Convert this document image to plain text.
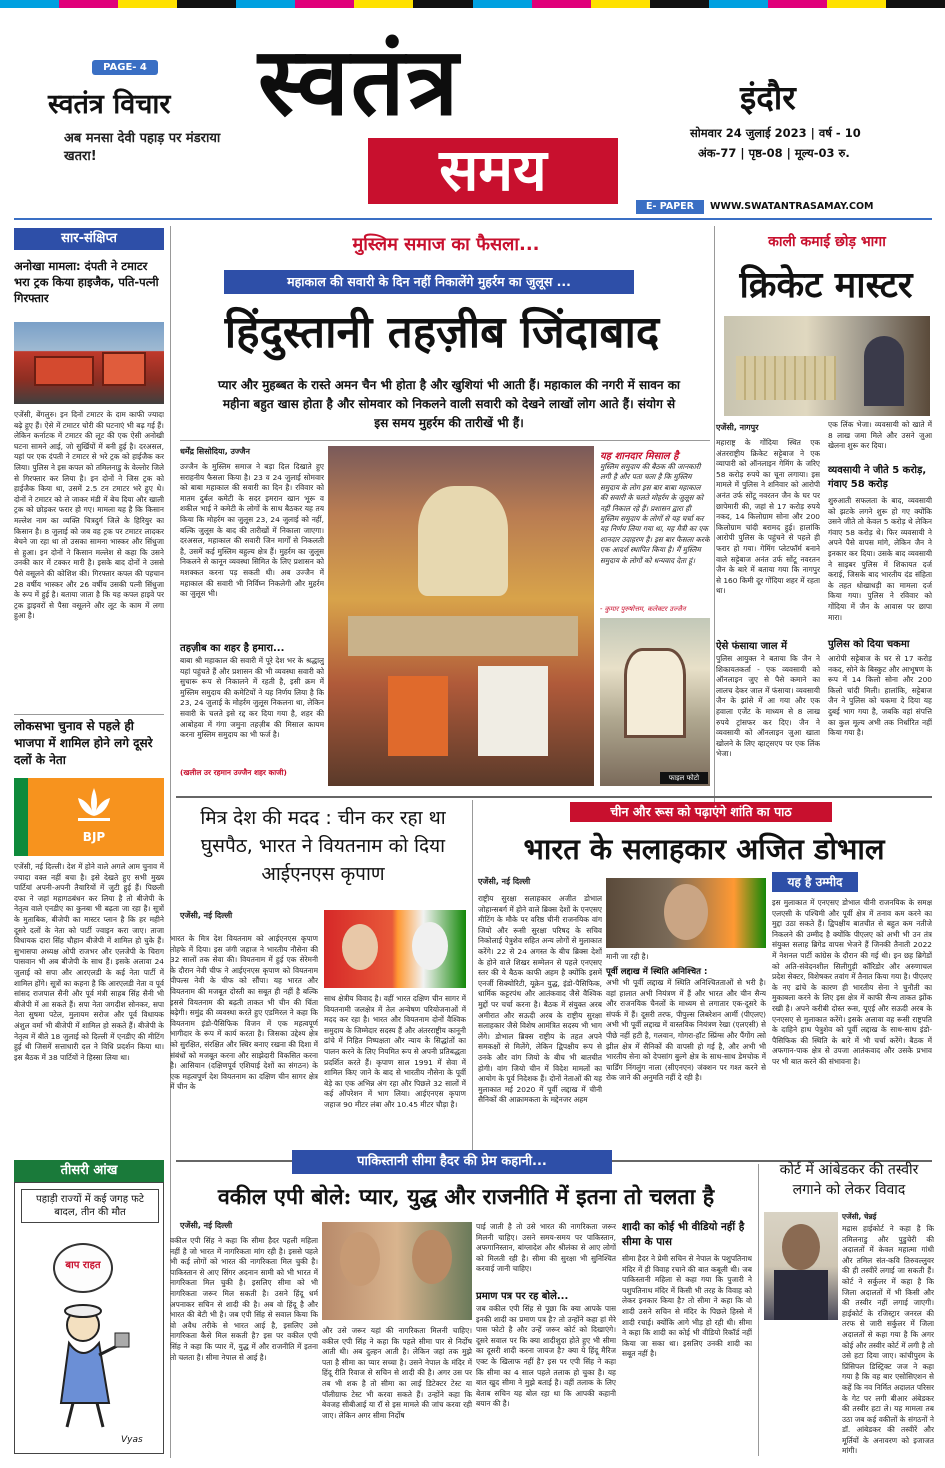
PAGE- 4
स्वतंत्र विचार
अब मनसा देवी पहाड़ पर मंडराया खतरा!
स्वतंत्र
समय
इंदौर
सोमवार 24 जुलाई 2023 | वर्ष - 10
अंक-77 | पृष्ठ-08 | मूल्य-03 रु.
E- PAPER	WWW.SWATANTRASAMAY.COM
सार-संक्षिप्त
अनोखा मामला: दंपती ने टमाटर भरा ट्रक किया हाइजैक, पति-पत्नी गिरफ्तार
एजेंसी, बेंगलुरु। इन दिनों टमाटर के दाम काफी ज्यादा बढ़े हुए हैं। ऐसे में टमाटर चोरी की घटनाएं भी बढ़ गई हैं। लेकिन कर्नाटक में टमाटर की लूट की एक ऐसी अनोखी घटना सामने आई, जो सुर्खियों में बनी हुई है। दरअसल, यहां पर एक दंपती ने टमाटर से भरे ट्रक को हाईजैक कर लिया। पुलिस ने इस कपल को तमिलनाडु के वेल्लोर जिले से गिरफ्तार कर लिया है। इन दोनों ने जिस ट्रक को हाईजैक किया था, उसमें 2.5 टन टमाटर भरे हुए थे। दोनों ने टमाटर को ले जाकर मंडी में बेच दिया और खाली ट्रक को छोड़कर फरार हो गए। मामला यह है कि किसान मल्लेश नाम का व्यक्ति चित्रदुर्ग जिले के हिरियुर का किसान है। 8 जुलाई को जब वह ट्रक पर टमाटर लादकर बेचने जा रहा था तो उसका सामना भास्कर और सिंधुजा से हुआ। इन दोनों ने किसान मल्लेश से कहा कि उसने उनकी कार में टक्कर मारी है। इसके बाद दोनों ने उससे पैसे वसूलने की कोशिश की। गिरफ्तार कपल की पहचान 28 वर्षीय भास्कर और 26 वर्षीय उसकी पत्नी सिंधुजा के रूप में हुई है। बताया जाता है कि यह कपल हाइवे पर ट्रक ड्राइवरों से पैसा वसूलने और लूट के काम में लगा हुआ है।
लोकसभा चुनाव से पहले ही भाजपा में शामिल होने लगे दूसरे दलों के नेता
BJP
एजेंसी, नई दिल्ली। देश में होने वाले अगले आम चुनाव में ज्यादा वक्त नहीं बचा है। इसे देखते हुए सभी मुख्य पार्टियां अपनी-अपनी तैयारियों में जुटी हुई हैं। पिछली दफा ने जहां महागठबंधन कर लिया है तो बीजेपी के नेतृत्व वाले एनडीए का कुनबा भी बढ़ता जा रहा है। सूत्रों के मुताबिक, बीजेपी का मास्टर प्लान है कि हर महीने दूसरे दलों के नेता को पार्टी ज्वाइन करा जाए। ताजा विधायक दारा सिंह चौहान बीजेपी में शामिल हो चुके हैं। सुभासपा अध्यक्ष ओपी राजभर और एलजेपी के चिराग पासवान भी अब बीजेपी के साथ हैं। इसके अलावा 24 जुलाई को सपा और आरएलडी के कई नेता पार्टी में शामिल होंगे। सूत्रों का कहना है कि आरएलडी नेता व पूर्व सांसद राजपाल सैनी और पूर्व मंत्री साहब सिंह सैनी भी बीजेपी में आ सकते हैं। सपा नेता जगदीश सोनकर, सपा नेता सुषमा पटेल, मुलायम सरोज और पूर्व विधायक अंशुल वर्मा भी बीजेपी में शामिल हो सकते हैं। बीजेपी के नेतृत्व में बीते 18 जुलाई को दिल्ली में एनडीए की मीटिंग हुई थी जिसमें सत्ताधारी दल ने विधि प्रदर्शन किया था। इस बैठक में 38 पार्टियों ने हिस्सा लिया था।
तीसरी आंख
पहाड़ी राज्यों में कई जगह फटे बादल, तीन की मौत
बाप राहत
Vyas
मुस्लिम समाज का फैसला...
महाकाल की सवारी के दिन नहीं निकालेंगे मुहर्रम का जुलूस ...
हिंदुस्तानी तहज़ीब जिंदाबाद
प्यार और मुहब्बत के रास्ते अमन चैन भी होता है और खुशियां भी आती हैं। महाकाल की नगरी में सावन का महीना बहुत खास होता है और सोमवार को निकलने वाली सवारी को देखने लाखों लोग आते हैं। संयोग से इस समय मुहर्रम की तारीखें भी हैं।
धर्मेंद्र सिसोदिया, उज्जैन
उज्जैन के मुस्लिम समाज ने बड़ा दिल दिखाते हुए सराहनीय फैसला किया है। 23 व 24 जुलाई सोमवार को बाबा महाकाल की सवारी का दिन है। रविवार को मातम दुर्बल कमेटी के सदर इमरान खान भूरू व शकील भाई ने कमेटी के लोगों के साथ बैठकर यह तय किया कि मोहर्रम का जुलूस 23, 24 जुलाई को नहीं, बल्कि जुलूस के बाद की तारीखों में निकाला जाएगा। दरअसल, महाकाल की सवारी जिन मार्गों से निकलती है, उसमें कई मुस्लिम बहुल्य क्षेत्र हैं। मुहर्रम का जुलूस निकलने से कानून व्यवस्था सिमित के लिए प्रशासन को मशक्कत करना पड़ सकती थी। अब उज्जैन में महाकाल की सवारी भी निर्विघ्न निकलेगी और मुहर्रम का जुलूस भी।
तहज़ीब का शहर है हमारा...
बाबा श्री महाकाल की सवारी में पूरे देश भर के श्रद्धालु यहां पहुंचते हैं और प्रशासन की भी व्यवस्था सवारी को सुचारू रूप से निकालने में रहती है, इसी क्रम में मुस्लिम समुदाय की कमेटियों ने यह निर्णय लिया है कि 23, 24 जुलाई के मोहर्रम जुलूस निकलना था, लेकिन सवारी के चलते इसे रद्द कर दिया गया है, शहर की आबोहवा में गंगा जमुना तहज़ीब की मिसाल कायम करना मुस्लिम समुदाय का भी फर्ज है।
(खलील उर रहमान उज्जैन शहर काजी)
यह शानदार मिसाल है
मुस्लिम समुदाय की बैठक की जानकारी लगी है और पता चला है कि मुस्लिम समुदाय के लोग इस बार बाबा महाकाल की सवारी के चलते मोहर्रम के जुलूस को नहीं निकाल रहे हैं। प्रशासन द्वारा ही मुस्लिम समुदाय के लोगों से यह चर्चा कर यह निर्णय लिया गया था, यह मैत्री का एक शानदार उदाहरण है। इस बार फैसला करके एक आदर्श स्थापित किया है। मैं मुस्लिम समुदाय के लोगों को धन्यवाद देता हूं।
- कुमार पुरुषोत्तम, कलेक्टर उज्जैन
फाइल फोटो
काली कमाई छोड़ भागा
क्रिकेट मास्टर
एजेंसी, नागपुर
महाराष्ट्र के गोंदिया स्थित एक अंतरराष्ट्रीय क्रिकेट सट्टेबाज ने एक व्यापारी को ऑनलाइन गेमिंग के जरिए 58 करोड़ रुपये का चूना लगाया। इस मामले में पुलिस ने शनिवार को आरोपी अनंत उर्फ सोंटू नवरतन जैन के घर पर छापेमारी की, जहां से 17 करोड़ रुपये नकद, 14 किलोग्राम सोना और 200 किलोग्राम चांदी बरामद हुई। हालांकि आरोपी पुलिस के पहुंचने से पहले ही फरार हो गया। गेमिंग प्लेटफॉर्म बनाने वाले सट्टेबाज अनंत उर्फ सोंटू नवरतन जैन के बारे में बताया गया कि नागपुर से 160 किमी दूर गोंदिया शहर में रहता था।
ऐसे फंसाया जाल में
पुलिस आयुक्त ने बताया कि जैन ने शिकायतकर्ता - एक व्यवसायी को ऑनलाइन जुए से पैसे कमाने का लालच देकर जाल में फंसाया। व्यवसायी जैन के झांसे में आ गया और एक हवाला एजेंट के माध्यम से 8 लाख रुपये ट्रांसफर कर दिए। जैन ने व्यवसायी को ऑनलाइन जुआ खाता खोलने के लिए व्हाट्सएप पर एक लिंक भेजा।
एक लिंक भेजा। व्यवसायी को खाते में 8 लाख जमा मिले और उसने जुआ खेलना शुरू कर दिया।
व्यवसायी ने जीते 5 करोड़, गंवाए 58 करोड़
शुरुआती सफलता के बाद, व्यवसायी को झटके लगने शुरू हो गए क्योंकि उसने जीते तो केवल 5 करोड़ थे लेकिन गंवाए 58 करोड़ थे। फिर व्यवसायी ने अपने पैसे वापस मांगे, लेकिन जैन ने इनकार कर दिया। उसके बाद व्यवसायी ने साइबर पुलिस में शिकायत दर्ज कराई, जिसके बाद भारतीय दंड संहिता के तहत धोखाधड़ी का मामला दर्ज किया गया। पुलिस ने रविवार को गोंदिया में जैन के आवास पर छापा मारा।
पुलिस को दिया चकमा
आरोपी सट्टेबाज के घर से 17 करोड़ नकद, सोने के बिस्कुट और आभूषण के रूप में 14 किलो सोना और 200 किलो चांदी मिली। हालांकि, सट्टेबाज जैन ने पुलिस को चकमा दे दिया यह दुबई भाग गया है, जबकि वहां संपत्ति का कुल मूल्य अभी तक निर्धारित नहीं किया गया है।
मित्र देश की मदद : चीन कर रहा था घुसपैठ, भारत ने वियतनाम को दिया आईएनएस कृपाण
एजेंसी, नई दिल्ली
भारत के मित्र देश वियतनाम को आईएनएस कृपाण तोहफे में दिया। इस जंगी जहाज ने भारतीय नौसेना की 32 सालों तक सेवा की। वियतनाम में हुई एक सेरेमनी के दौरान नेवी चीफ ने आईएनएस कृपाण को वियतनाम पीपल्स नेवी के चीफ को सौंपा। यह भारत और वियतनाम की मजबूत दोस्ती का सबूत ही नहीं है बल्कि इससे वियतनाम की बढ़ती ताकत भी चीन की चिंता बढ़ेगी। समुंद्र की व्यवस्था करते हुए एडमिरल ने कहा कि वियतनाम इंडो-पैसिफिक विजन में एक महत्वपूर्ण भागीदार के रूप में कार्य करता है। जिसका उद्देश्य क्षेत्र को सुरक्षित, संरक्षित और स्थिर बनाए रखना की दिशा में संबंधों को मजबूत करना और साझेदारी विकसित करना है। आसियान (दक्षिणपूर्व एशियाई देशों का संगठन) के एक महत्वपूर्ण देश वियतनाम का दक्षिण चीन सागर क्षेत्र में चीन के
साथ क्षेत्रीय विवाद है। वहीं भारत दक्षिण चीन सागर में वियतनामी जलक्षेत्र में तेल अन्वेषण परियोजनाओं में मदद कर रहा है। भारत और वियतनाम दोनों वैश्विक समुदाय के जिम्मेदार सदस्य हैं और अंतरराष्ट्रीय कानूनी ढांचे में निहित निष्पक्षता और न्याय के सिद्धांतों का पालन करने के लिए नियमित रूप से अपनी प्रतिबद्धता प्रदर्शित करते हैं। कृपाण साल 1991 में सेवा में शामिल किए जाने के बाद से भारतीय नौसेना के पूर्वी बेड़े का एक अभिन्न अंग रहा और पिछले 32 सालों में कई ऑपरेशन में भाग लिया। आईएनएस कृपाण जहाज 90 मीटर लंबा और 10.45 मीटर चौड़ा है।
चीन और रूस को पढ़ाएंगे शांति का पाठ
भारत के सलाहकार अजित डोभाल
एजेंसी, नई दिल्ली
राष्ट्रीय सुरक्षा सलाहकार अजीत डोभाल जोहान्सबर्ग में होने वाले ब्रिक्स देशों के एनएसए मीटिंग के मौके पर वरिष्ठ चीनी राजनयिक वांग जियो और रूसी सुरक्षा परिषद के सचिव निकोलाई पेत्रुशेव सहित अन्य लोगों से मुलाकात करेंगे। 22 से 24 अगस्त के बीच ब्रिक्स देशों के होने वाले शिखर सम्मेलन से पहले एनएसए स्तर की ये बैठक काफी अहम है क्योंकि इसमें एनर्जी सिक्योरिटी, यूक्रेन युद्ध, इंडो-पैसिफिक, धार्मिक कट्टरपंथ और आतंकवाद जैसे वैश्विक मुद्दों पर चर्चा करना है। बैठक में संयुक्त अरब अमीरात और सऊदी अरब के राष्ट्रीय सुरक्षा सलाहकार जैसे विशेष आमंत्रित सदस्य भी भाग लेंगे। डोभाल ब्रिक्स राष्ट्रीय के तहत अपने समकक्षों से मिलेंगे, लेकिन द्विपक्षीय रूप से उनके और वांग जियो के बीच भी बातचीत होगी। वांग जियो चीन में विदेश मामलों का आयोग के पूर्व निदेशक हैं। दोनों नेताओं की यह मुलाकात मई 2020 में पूर्वी लद्दाख में चीनी सैनिकों की आक्रामकता के मद्देनजर अहम
मानी जा रही है।
पूर्वी लद्दाख में स्थिति अनिश्चित :
अभी भी पूर्वी लद्दाख में स्थिति अनिश्चितताओं से भरी है। वहां हालात अभी नियंत्रण में हैं और भारत और चीन सैन्य और राजनयिक चैनलों के माध्यम से लगातार एक-दूसरे के संपर्क में हैं। दूसरी तरफ, पीपुल्स लिबरेशन आर्मी (पीएलए) अभी भी पूर्वी लद्दाख में वास्तविक नियंत्रण रेखा (एलएसी) से पीछे नहीं हटी है, गलवान, गोगरा-हॉट स्प्रिंग्स और पैंगोंग त्सो झील क्षेत्र में सैनिकों की वापसी हो गई है, और अभी भी भारतीय सेना को देपसांग बुल्गे क्षेत्र के साथ-साथ डेमचोक में चार्डिंग निंगलुंग नाला (सीएनएन) जंक्शन पर गश्त करने से रोक जाने की अनुमति नहीं दे रही है।
यह है उम्मीद
इस मुलाकात में एनएसए डोभाल चीनी राजनयिक के समक्ष एलएसी के पश्चिमी और पूर्वी क्षेत्र में तनाव कम करने का मुद्दा उठा सकते हैं। द्विपक्षीय बातचीत से बहुत कम नतीजे निकलने की उम्मीद है क्योंकि पीएलए को अभी भी उन तंत्र संयुक्त सलाह ब्रिगेड वापस भेजने हैं जिनकी तैनाती 2022 में नेशनल पार्टी कांग्रेस के दौरान की गई थी। इन छह ब्रिगेडों को अति-संवेदनशील सिलीगुड़ी कॉरिडोर और अरुणाचल प्रदेश सेक्टर, विशेषकर तवांग में तैनात किया गया है। पीएलए के नए ढांचे के कारण ही भारतीय सेना ने चुनौती का मुकाबला करने के लिए इस क्षेत्र में काफी सैन्य ताकत झोंक रखी है। अपने करीबी दोस्त रूस, यूएई और सऊदी अरब के एनएसए से मुलाकात करेंगे। इसके अलावा वह रूसी राष्ट्रपति के दाहिने हाथ पेत्रुशेव को पूर्वी लद्दाख के साथ-साथ इंडो-पैसिफिक की स्थिति के बारे में भी चर्चा करेंगे। बैठक में अफगान-पाक क्षेत्र से उपजा आतंकवाद और उसके प्रभाव पर भी बात करने की संभावना है।
पाकिस्तानी सीमा हैदर की प्रेम कहानी...
वकील एपी बोले: प्यार, युद्ध और राजनीति में इतना तो चलता है
एजेंसी, नई दिल्ली
वकील एपी सिंह ने कहा कि सीमा हैदर पहली महिला नहीं है जो भारत में नागरिकता मांग रही है। इससे पहले भी कई लोगों को भारत की नागरिकता मिल चुकी है। पाकिस्तान से आए सिंगर अदनान सामी को भी भारत में नागरिकता मिल चुकी है। इसलिए सीमा को भी नागरिकता जरूर मिल सकती है। उसने हिंदू धर्म अपनाकर सचिन से शादी की है। अब वो हिंदू है और भारत की बेटी भी है। जब एपी सिंह से सवाल किया कि वो अवैध तरीके से भारत आई है, इसलिए उसे नागरिकता कैसे मिल सकती है? इस पर वकील एपी सिंह ने कहा कि प्यार में, युद्ध में और राजनीति में इतना तो चलता है। सीमा नेपाल से आई है।
और उसे जरूर यहां की नागरिकता मिलनी चाहिए। वकील एपी सिंह ने कहा कि पहले सीमा पार से निर्दोष आती थी। अब दुल्हन आती है। लेकिन जहां तक मुझे पता है सीमा का प्यार सच्चा है। उसने नेपाल के मंदिर में हिंदू रीति रिवाज से सचिन से शादी की है। अगर उस पर तब भी शक है तो सीमा का लाई डिटेक्टर टेस्ट या पॉलीग्राफ टेस्ट भी करवा सकते हैं। उन्होंने कहा कि बेवजह सीबीआई या रॉ से इस मामले की जांच करवा रही जाए। लेकिन अगर सीमा निर्दोष
पाई जाती है तो उसे भारत की नागरिकता जरूर मिलनी चाहिए। उसने समय-समय पर पाकिस्तान, अफगानिस्तान, बांग्लादेश और श्रीलंका से आए लोगों को मिलती रही है। सीमा की सुरक्षा भी सुनिश्चित करवाई जानी चाहिए।
प्रमाण पत्र पर रह बोले...
जब वकील एपी सिंह से पूछा कि क्या आपके पास इनकी शादी का प्रमाण पत्र है? तो उन्होंने कहा हां मेरे पास फोटो है और उन्हें जरूर कोर्ट को दिखाएंगे। दूसरे सवाल पर कि क्या शादीशुदा होते हुए भी सीमा का दूसरी शादी करना जायज है? क्या ये हिंदू मैरिज एक्ट के खिलाफ नहीं है? इस पर एपी सिंह ने कहा कि सीमा का 4 साल पहले तलाक हो चुका है। यह बात खुद सीमा ने मुझे बताई है। वहीं तलाक के लिए बेताब सचिन यह बोल रहा था कि आपकी कहानी बयान की है।
शादी का कोई भी वीडियो नहीं है सीमा के पास
सीमा हैदर ने प्रेमी सचिन से नेपाल के पशुपतिनाथ मंदिर में ही विवाह रचाने की बात कबूली थी। जब पाकिस्तानी महिला से कहा गया कि पुजारी ने पशुपतिनाथ मंदिर में किसी भी तरह के विवाह को लेकर इनकार किया है? तो सीमा ने कहा कि वो शादी उसने सचिन से मंदिर के पिछले हिस्से में शादी रचाई। क्योंकि आगे भीड़ हो रही थी। सीमा ने कहा कि शादी का कोई भी वीडियो रिकॉर्ड नहीं किया जा सका था। इसलिए उनकी शादी का सबूत नहीं है।
कोर्ट में आंबेडकर की तस्वीर लगाने को लेकर विवाद
एजेंसी, चेन्नई
मद्रास हाईकोर्ट ने कहा है कि तमिलनाडु और पुडुचेरी की अदालतों में केवल महात्मा गांधी और तमिल संत-कवि तिरुवल्लुवर की ही तस्वीरें लगाई जा सकती हैं। कोर्ट ने सर्कुलर में कहा है कि जिला अदालतों में भी किसी और की तस्वीर नहीं लगाई जाएगी। हाईकोर्ट के रजिस्ट्रार जनरल की तरफ से जारी सर्कुलर में जिला अदालतों से कहा गया है कि अगर कोई और तस्वीर कोर्ट में लगी है तो उसे हटा दिया जाए। कांचीपुरम के प्रिंसिपल डिस्ट्रिक्ट जज ने कहा गया है कि वह बार एसोसिएशन से कहें कि नव निर्मित अदालत परिसर के गेट पर लगी बीआर अंबेडकर की तस्वीर हटा ले। यह मामला तब उठा जब कई वकीलों के संगठनों ने डॉ. आंबेडकर की तस्वीरें और मूर्तियों के अनावरण को इजाजत मांगी।
